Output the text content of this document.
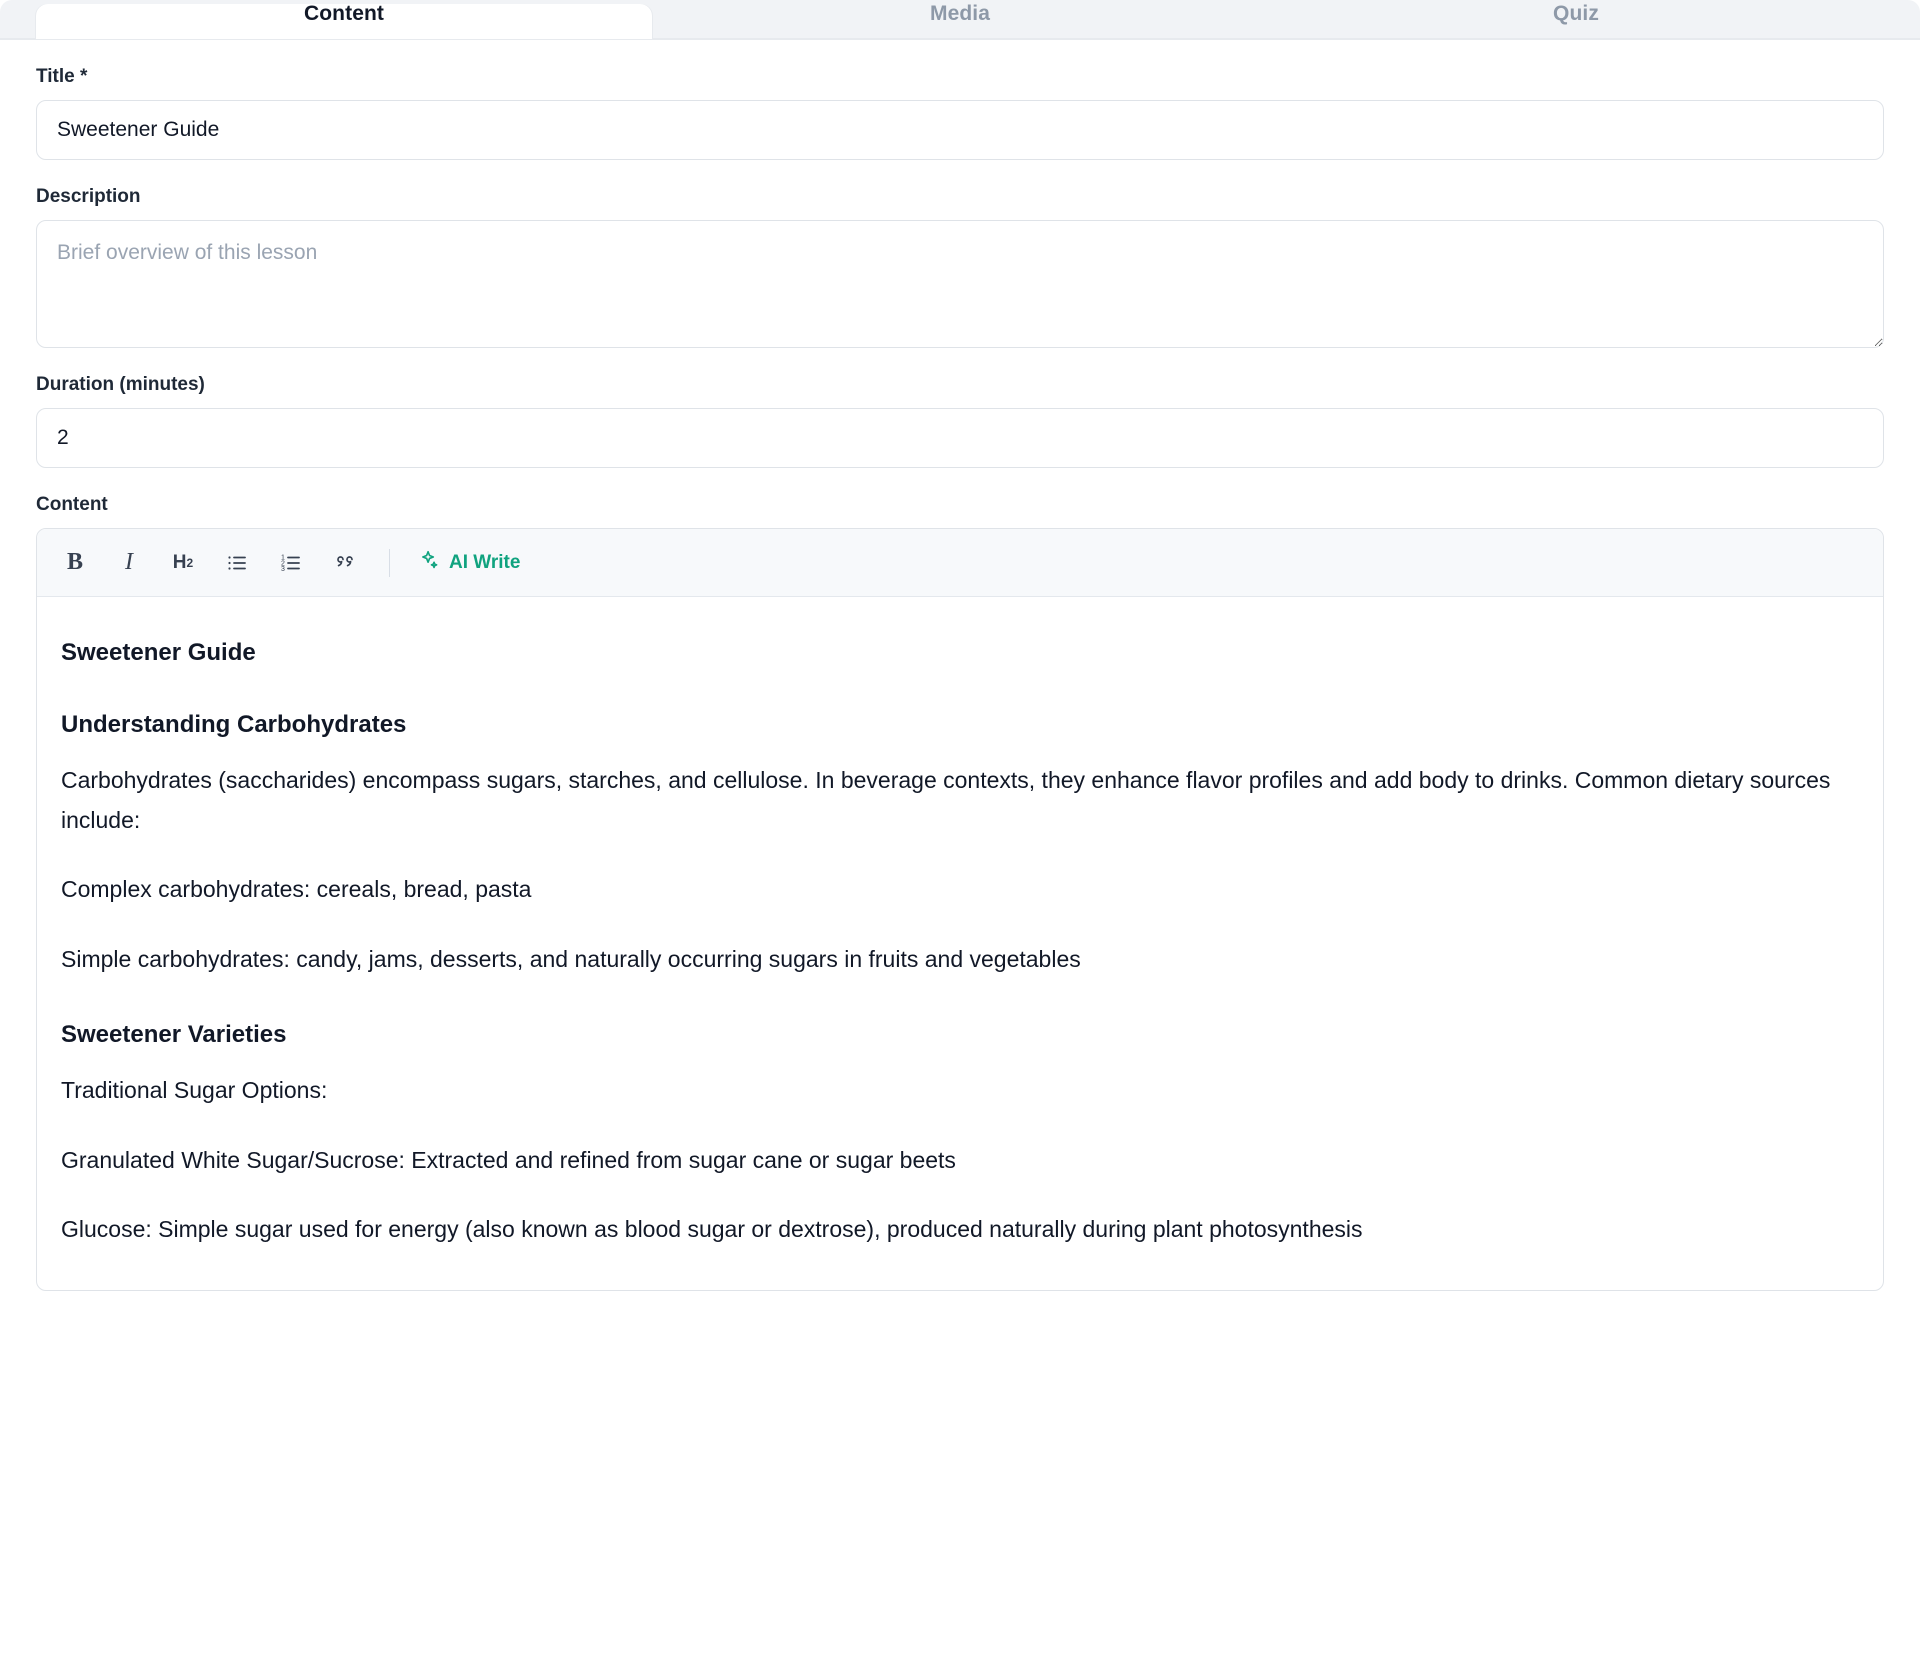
Content	Media	Quiz
Title *
Sweetener Guide
Description
Brief overview of this lesson
Duration (minutes)
2
Content
B	I	H 2	1
2
3	AI Write
Sweetener Guide
Understanding Carbohydrates

Carbohydrates (saccharides) encompass sugars, starches, and cellulose. In beverage contexts, they enhance flavor profiles and add body to drinks. Common dietary sources include:

Complex carbohydrates: cereals, bread, pasta

Simple carbohydrates: candy, jams, desserts, and naturally occurring sugars in fruits and vegetables

Sweetener Varieties

Traditional Sugar Options:

Granulated White Sugar/Sucrose: Extracted and refined from sugar cane or sugar beets

Glucose: Simple sugar used for energy (also known as blood sugar or dextrose), produced naturally during plant photosynthesis
